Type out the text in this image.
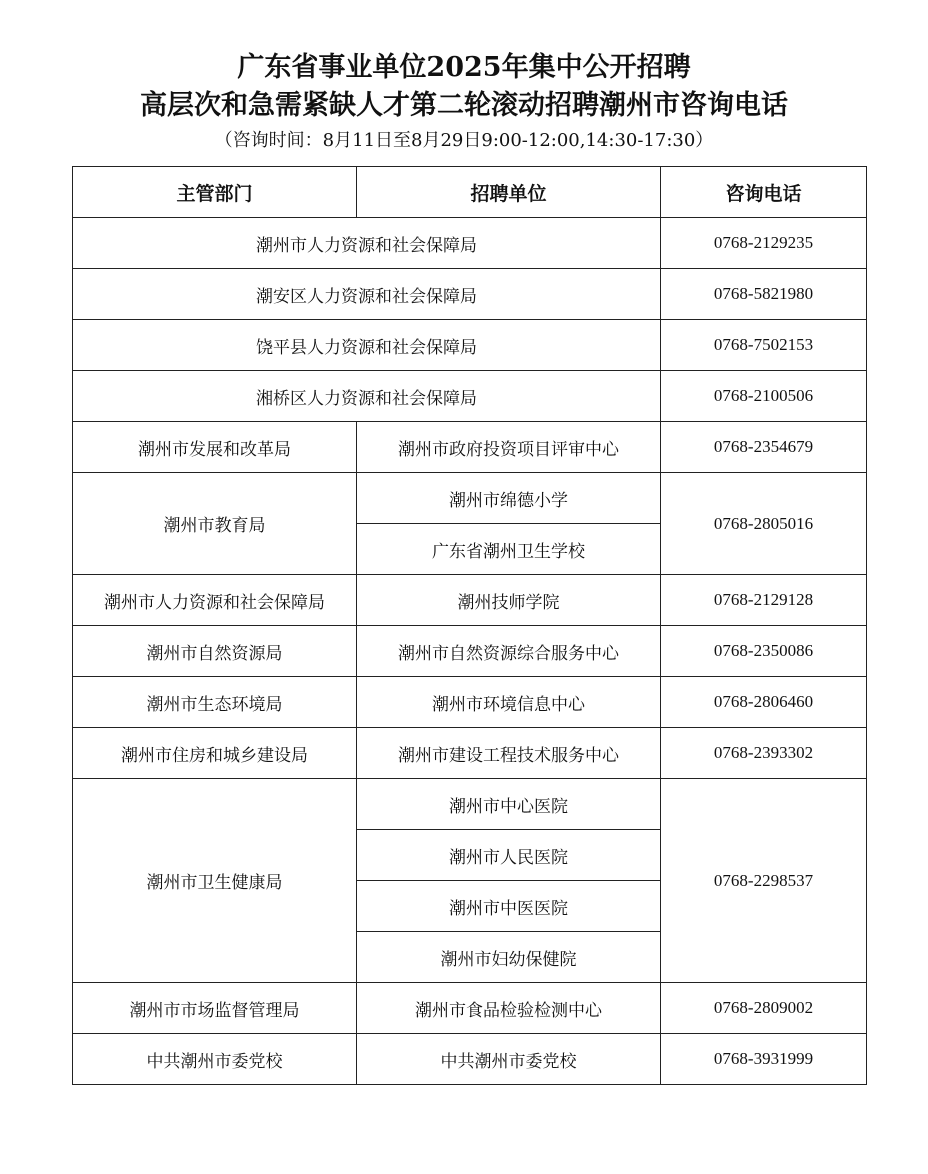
广东省事业单位2025年集中公开招聘
高层次和急需紧缺人才第二轮滚动招聘潮州市咨询电话
（咨询时间：8月11日至8月29日9:00-12:00,14:30-17:30）
主管部门	招聘单位	咨询电话
潮州市人力资源和社会保障局		0768-2129235
潮安区人力资源和社会保障局		0768-5821980
饶平县人力资源和社会保障局		0768-7502153
湘桥区人力资源和社会保障局		0768-2100506
潮州市发展和改革局	潮州市政府投资项目评审中心	0768-2354679
潮州市教育局	潮州市绵德小学	0768-2805016
	广东省潮州卫生学校	
潮州市人力资源和社会保障局	潮州技师学院	0768-2129128
潮州市自然资源局	潮州市自然资源综合服务中心	0768-2350086
潮州市生态环境局	潮州市环境信息中心	0768-2806460
潮州市住房和城乡建设局	潮州市建设工程技术服务中心	0768-2393302
潮州市卫生健康局	潮州市中心医院	0768-2298537
	潮州市人民医院	
	潮州市中医医院	
	潮州市妇幼保健院	
潮州市市场监督管理局	潮州市食品检验检测中心	0768-2809002
中共潮州市委党校	中共潮州市委党校	0768-3931999
